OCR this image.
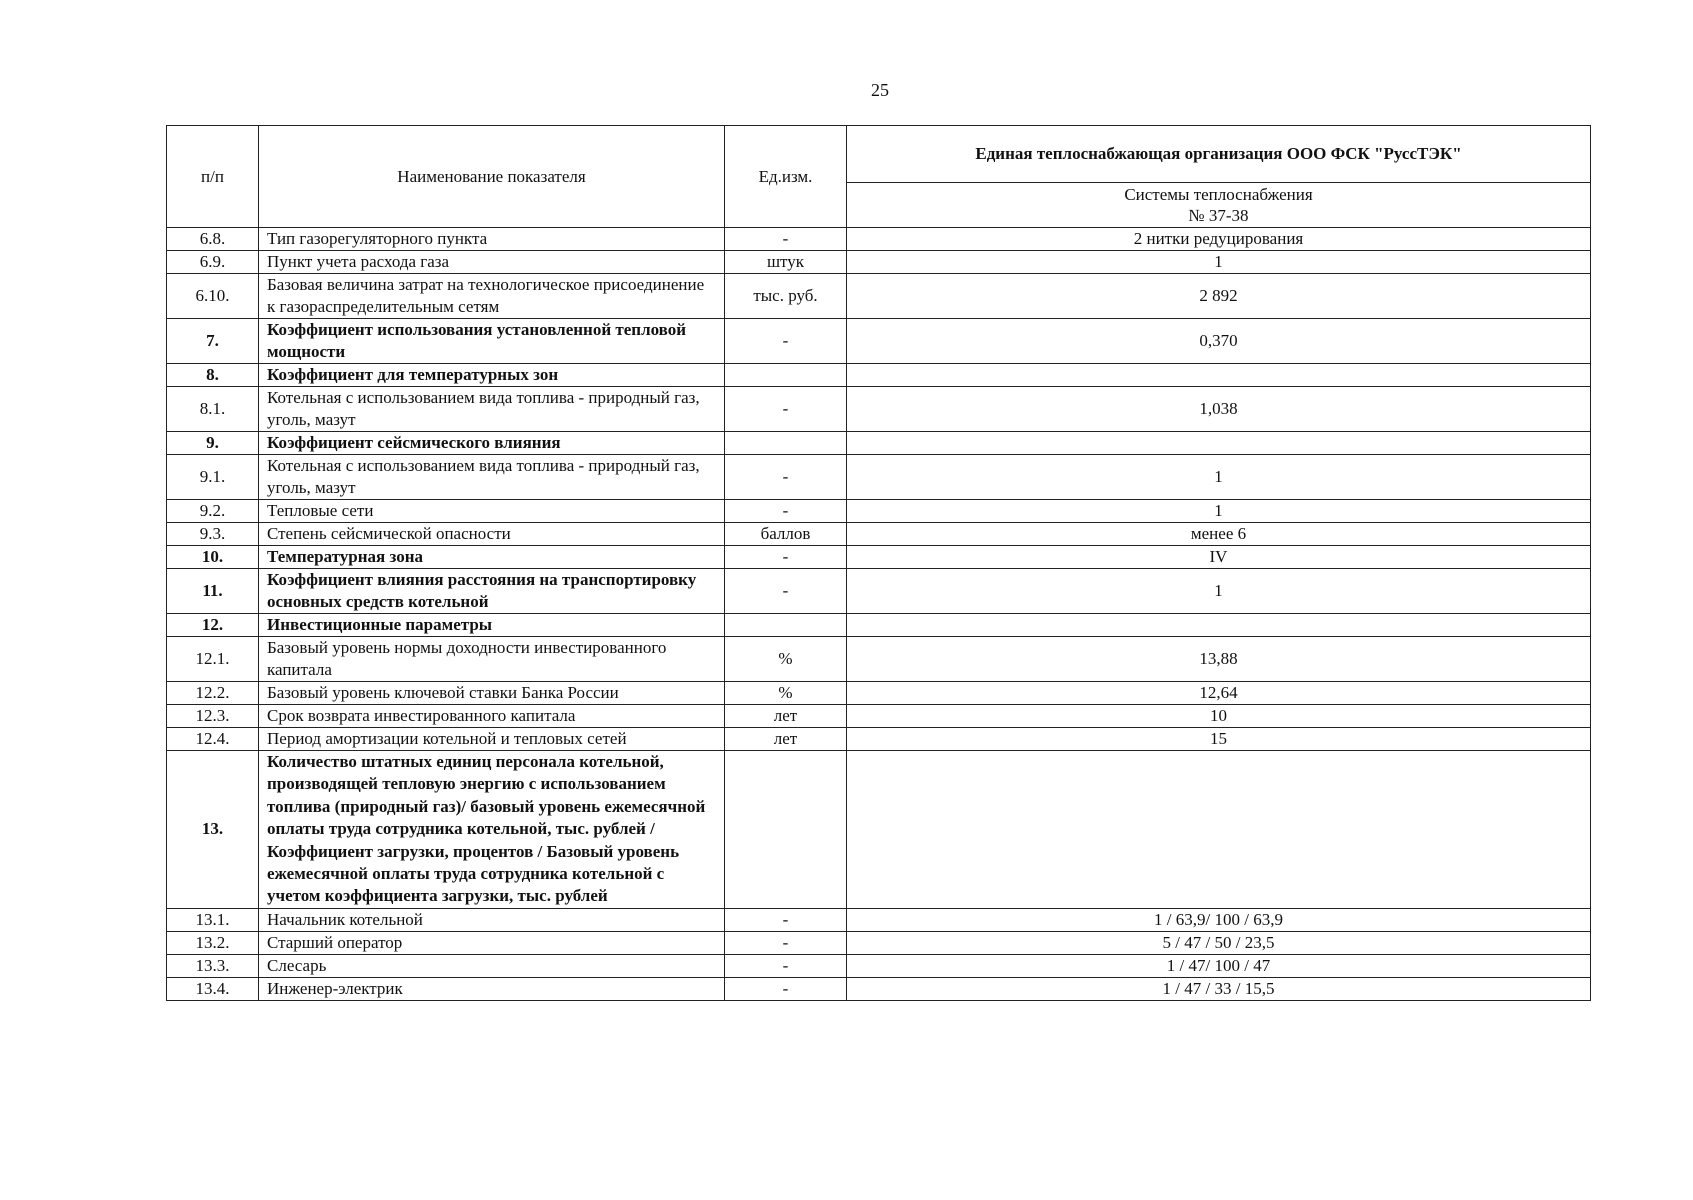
25
п/п	Наименование показателя	Ед.изм.	Единая теплоснабжающая организация ООО ФСК "РуссТЭК"
			Системы теплоснабжения
№ 37-38
6.8.	Тип газорегуляторного пункта	-	2 нитки редуцирования
6.9.	Пункт учета расхода газа	штук	1
6.10.	Базовая величина затрат на технологическое присоединение к газораспределительным сетям	тыс. руб.	2 892
7.	Коэффициент использования установленной тепловой мощности	-	0,370
8.	Коэффициент для температурных зон		
8.1.	Котельная с использованием вида топлива - природный газ, уголь, мазут	-	1,038
9.	Коэффициент сейсмического влияния		
9.1.	Котельная с использованием вида топлива - природный газ, уголь, мазут	-	1
9.2.	Тепловые сети	-	1
9.3.	Степень сейсмической опасности	баллов	менее 6
10.	Температурная зона	-	IV
11.	Коэффициент влияния расстояния на транспортировку основных средств котельной	-	1
12.	Инвестиционные параметры		
12.1.	Базовый уровень нормы доходности инвестированного капитала	%	13,88
12.2.	Базовый уровень ключевой ставки Банка России	%	12,64
12.3.	Срок возврата инвестированного капитала	лет	10
12.4.	Период амортизации котельной и тепловых сетей	лет	15
13.	Количество штатных единиц персонала котельной, производящей тепловую энергию с использованием топлива (природный газ)/ базовый уровень ежемесячной оплаты труда сотрудника котельной, тыс. рублей / Коэффициент загрузки, процентов / Базовый уровень ежемесячной оплаты труда сотрудника котельной с учетом коэффициента загрузки, тыс. рублей		
13.1.	Начальник котельной	-	1 / 63,9/ 100 / 63,9
13.2.	Старший оператор	-	5 / 47 / 50 / 23,5
13.3.	Слесарь	-	1 / 47/ 100 / 47
13.4.	Инженер-электрик	-	1 / 47 / 33 / 15,5
